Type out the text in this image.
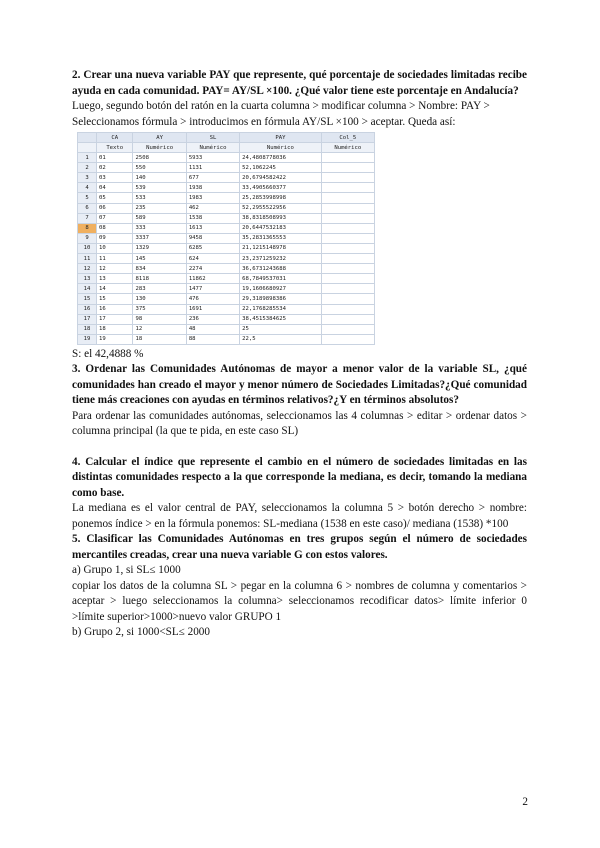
2. Crear una nueva variable PAY que represente, qué porcentaje de sociedades limitadas recibe ayuda en cada comunidad. PAY= AY/SL ×100. ¿Qué valor tiene este porcentaje en Andalucía?

Luego, segundo botón del ratón en la cuarta columna > modificar columna > Nombre: PAY > Seleccionamos fórmula > introducimos en fórmula AY/SL ×100 > aceptar. Queda así:

	CA	AY	SL	PAY	Col_5
	Texto	Numérico	Numérico	Numérico	Numérico
1	01	2508	5933	24,4808778036	
2	02	550	1131	52,1062245	
3	03	140	677	20,6794582422	
4	04	539	1938	33,4905660377	
5	05	533	1983	25,2853998998	
6	06	235	462	52,2955522956	
7	07	589	1538	38,8318508993	
8	08	333	1613	20,6447532183	
9	09	3337	9458	35,2831365553	
10	10	1329	6285	21,1215148978	
11	11	145	624	23,2371259232	
12	12	834	2274	36,6731243688	
13	13	8118	11862	68,7849537031	
14	14	283	1477	19,1606680927	
15	15	130	476	29,3189898386	
16	16	375	1691	22,1768285534	
17	17	98	236	38,4515384625	
18	18	12	48	25	
19	19	18	88	22,5	

S: el 42,4888 %

3. Ordenar las Comunidades Autónomas de mayor a menor valor de la variable SL, ¿qué comunidades han creado el mayor y menor número de Sociedades Limitadas?¿Qué comunidad tiene más creaciones con ayudas en términos relativos?¿Y en términos absolutos?

Para ordenar las comunidades autónomas, seleccionamos las 4 columnas > editar > ordenar datos > columna principal (la que te pida, en este caso SL)

4. Calcular el índice que represente el cambio en el número de sociedades limitadas en las distintas comunidades respecto a la que corresponde la mediana, es decir, tomando la mediana como base.

La mediana es el valor central de PAY, seleccionamos la columna 5 > botón derecho > nombre: ponemos índice > en la fórmula ponemos: SL-mediana (1538 en este caso)/ mediana (1538) *100

5. Clasificar las Comunidades Autónomas en tres grupos según el número de sociedades mercantiles creadas, crear una nueva variable G con estos valores.

a) Grupo 1, si SL≤ 1000

copiar los datos de la columna SL > pegar en la columna 6 > nombres de columna y comentarios > aceptar > luego seleccionamos la columna> seleccionamos recodificar datos> límite inferior 0 >límite superior>1000>nuevo valor GRUPO 1

b) Grupo 2, si 1000<SL≤ 2000

2
